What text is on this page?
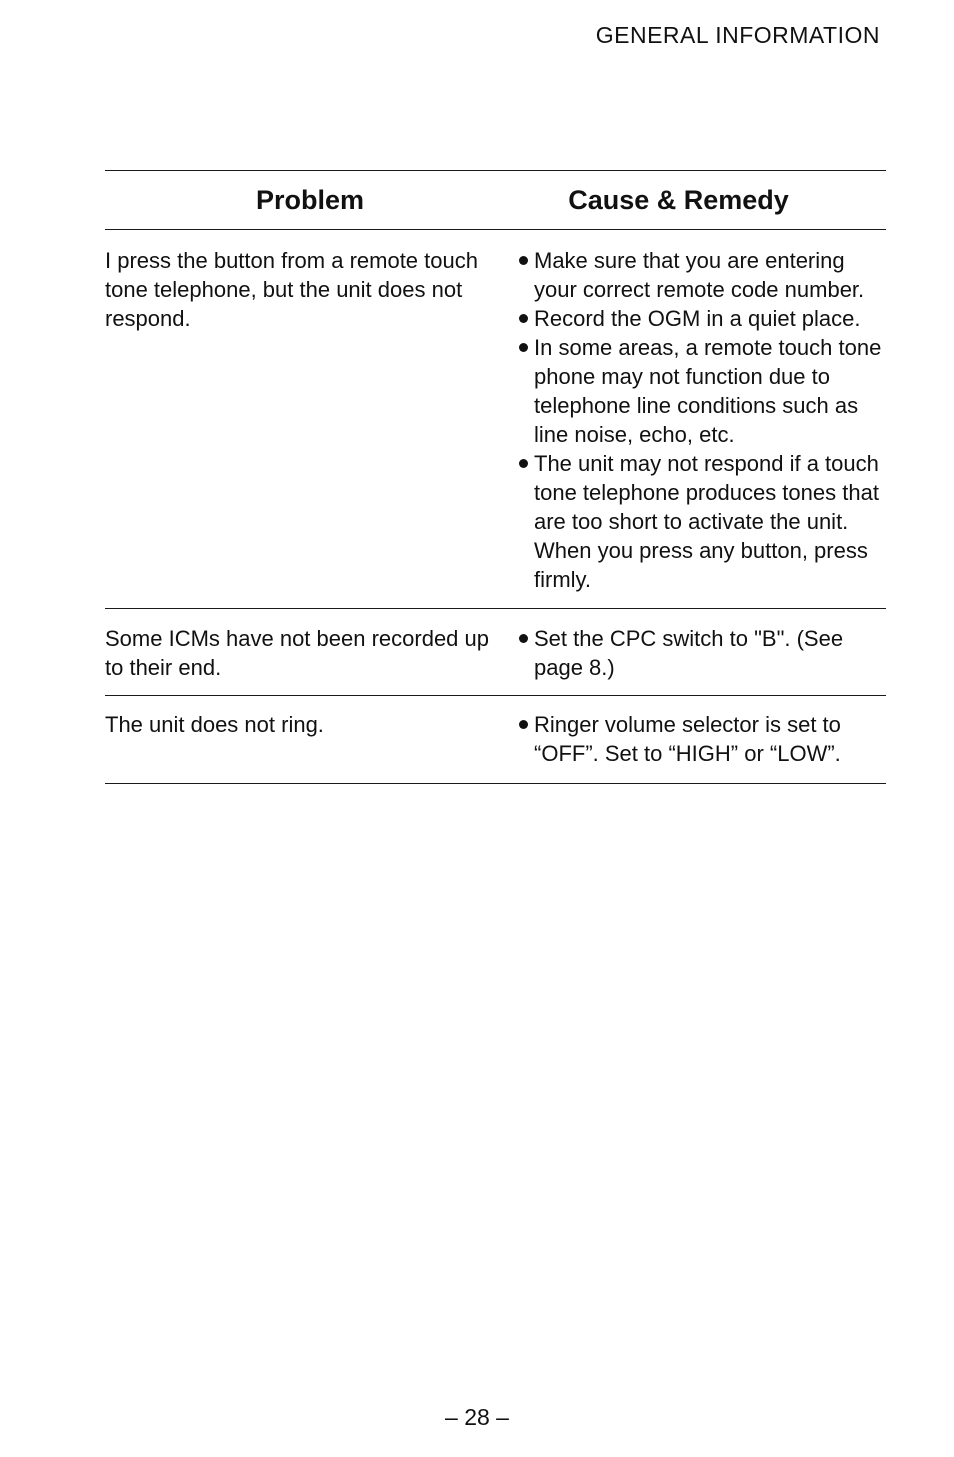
GENERAL INFORMATION
Problem	Cause & Remedy
I press the button from a remote touch tone telephone, but the unit does not respond.
Make sure that you are entering your correct remote code number.
Record the OGM in a quiet place.
In some areas, a remote touch tone phone may not function due to telephone line conditions such as line noise, echo, etc.
The unit may not respond if a touch tone telephone produces tones that are too short to activate the unit. When you press any button, press firmly.
Some ICMs have not been recorded up to their end.
Set the CPC switch to "B". (See page 8.)
The unit does not ring.	Ringer volume selector is set to “OFF”. Set to “HIGH” or “LOW”.
– 28 –
